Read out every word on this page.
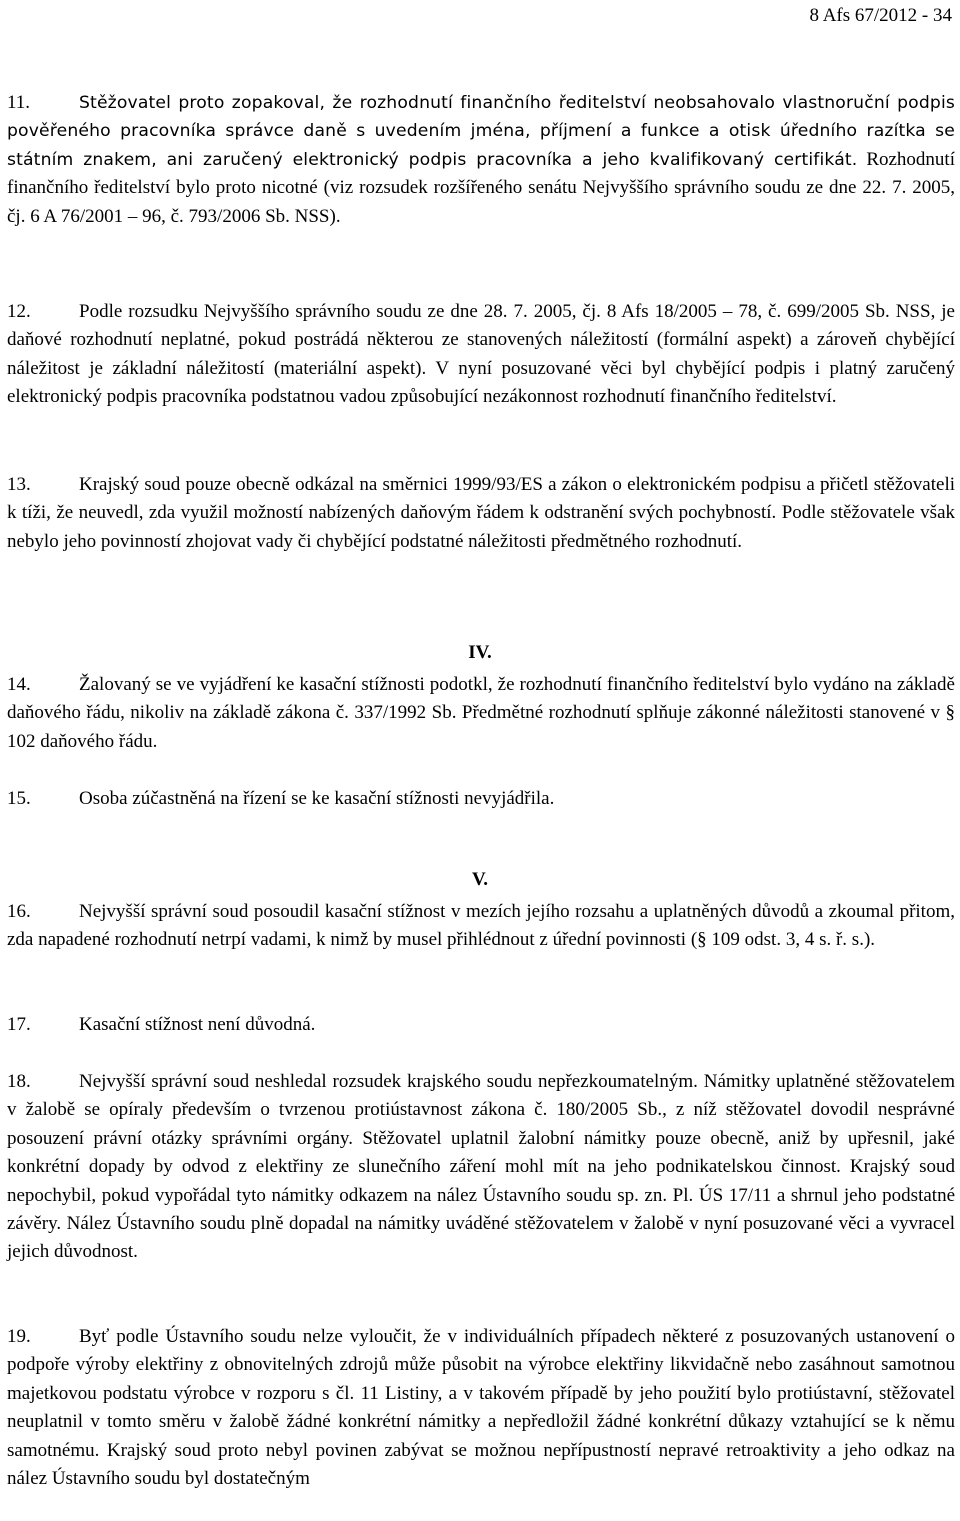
8 Afs 67/2012 - 34
11.	Stěžovatel proto zopakoval, že rozhodnutí finančního ředitelství neobsahovalo vlastnoruční podpis pověřeného pracovníka správce daně s uvedením jména, příjmení a funkce a otisk úředního razítka se státním znakem, ani zaručený elektronický podpis pracovníka a jeho kvalifikovaný certifikát. Rozhodnutí finančního ředitelství bylo proto nicotné (viz rozsudek rozšířeného senátu Nejvyššího správního soudu ze dne 22. 7. 2005, čj. 6 A 76/2001 – 96, č. 793/2006 Sb. NSS).
12.	Podle rozsudku Nejvyššího správního soudu ze dne 28. 7. 2005, čj. 8 Afs 18/2005 – 78, č. 699/2005 Sb. NSS, je daňové rozhodnutí neplatné, pokud postrádá některou ze stanovených náležitostí (formální aspekt) a zároveň chybějící náležitost je základní náležitostí (materiální aspekt). V nyní posuzované věci byl chybějící podpis i platný zaručený elektronický podpis pracovníka podstatnou vadou způsobující nezákonnost rozhodnutí finančního ředitelství.
13.	Krajský soud pouze obecně odkázal na směrnici 1999/93/ES a zákon o elektronickém podpisu a přičetl stěžovateli k tíži, že neuvedl, zda využil možností nabízených daňovým řádem k odstranění svých pochybností. Podle stěžovatele však nebylo jeho povinností zhojovat vady či chybějící podstatné náležitosti předmětného rozhodnutí.
IV.
14.	Žalovaný se ve vyjádření ke kasační stížnosti podotkl, že rozhodnutí finančního ředitelství bylo vydáno na základě daňového řádu, nikoliv na základě zákona č. 337/1992 Sb. Předmětné rozhodnutí splňuje zákonné náležitosti stanovené v § 102 daňového řádu.
15.	Osoba zúčastněná na řízení se ke kasační stížnosti nevyjádřila.
V.
16.	Nejvyšší správní soud posoudil kasační stížnost v mezích jejího rozsahu a uplatněných důvodů a zkoumal přitom, zda napadené rozhodnutí netrpí vadami, k nimž by musel přihlédnout z úřední povinnosti (§ 109 odst. 3, 4 s. ř. s.).
17.	Kasační stížnost není důvodná.
18.	Nejvyšší správní soud neshledal rozsudek krajského soudu nepřezkoumatelným. Námitky uplatněné stěžovatelem v žalobě se opíraly především o tvrzenou protiústavnost zákona č. 180/2005 Sb., z níž stěžovatel dovodil nesprávné posouzení právní otázky správními orgány. Stěžovatel uplatnil žalobní námitky pouze obecně, aniž by upřesnil, jaké konkrétní dopady by odvod z elektřiny ze slunečního záření mohl mít na jeho podnikatelskou činnost. Krajský soud nepochybil, pokud vypořádal tyto námitky odkazem na nález Ústavního soudu sp. zn. Pl. ÚS 17/11 a shrnul jeho podstatné závěry. Nález Ústavního soudu plně dopadal na námitky uváděné stěžovatelem v žalobě v nyní posuzované věci a vyvracel jejich důvodnost.
19.	Byť podle Ústavního soudu nelze vyloučit, že v individuálních případech některé z posuzovaných ustanovení o podpoře výroby elektřiny z obnovitelných zdrojů může působit na výrobce elektřiny likvidačně nebo zasáhnout samotnou majetkovou podstatu výrobce v rozporu s čl. 11 Listiny, a v takovém případě by jeho použití bylo protiústavní, stěžovatel neuplatnil v tomto směru v žalobě žádné konkrétní námitky a nepředložil žádné konkrétní důkazy vztahující se k němu samotnému. Krajský soud proto nebyl povinen zabývat se možnou nepřípustností nepravé retroaktivity a jeho odkaz na nález Ústavního soudu byl dostatečným
